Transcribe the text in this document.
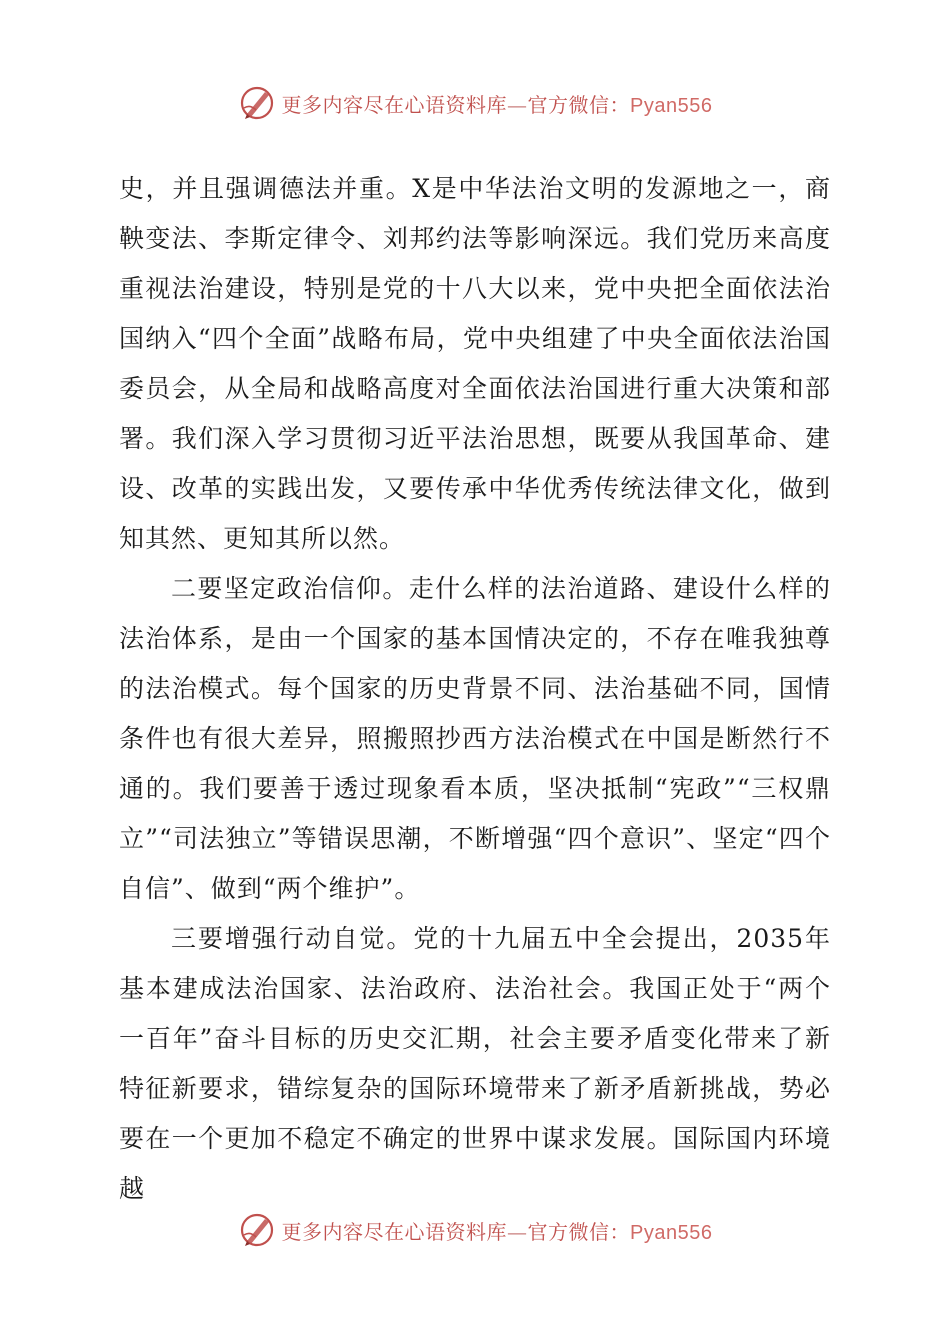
更多内容尽在心语资料库—官方微信：Pyan556

史，并且强调德法并重。X是中华法治文明的发源地之一，商鞅变法、李斯定律令、刘邦约法等影响深远。我们党历来高度重视法治建设，特别是党的十八大以来，党中央把全面依法治国纳入“四个全面”战略布局，党中央组建了中央全面依法治国委员会，从全局和战略高度对全面依法治国进行重大决策和部署。我们深入学习贯彻习近平法治思想，既要从我国革命、建设、改革的实践出发，又要传承中华优秀传统法律文化，做到知其然、更知其所以然。

二要坚定政治信仰。走什么样的法治道路、建设什么样的法治体系，是由一个国家的基本国情决定的，不存在唯我独尊的法治模式。每个国家的历史背景不同、法治基础不同，国情条件也有很大差异，照搬照抄西方法治模式在中国是断然行不通的。我们要善于透过现象看本质，坚决抵制“宪政”“三权鼎立”“司法独立”等错误思潮，不断增强“四个意识”、坚定“四个自信”、做到“两个维护”。

三要增强行动自觉。党的十九届五中全会提出，2035年基本建成法治国家、法治政府、法治社会。我国正处于“两个一百年”奋斗目标的历史交汇期，社会主要矛盾变化带来了新特征新要求，错综复杂的国际环境带来了新矛盾新挑战，势必要在一个更加不稳定不确定的世界中谋求发展。国际国内环境越

更多内容尽在心语资料库—官方微信：Pyan556
